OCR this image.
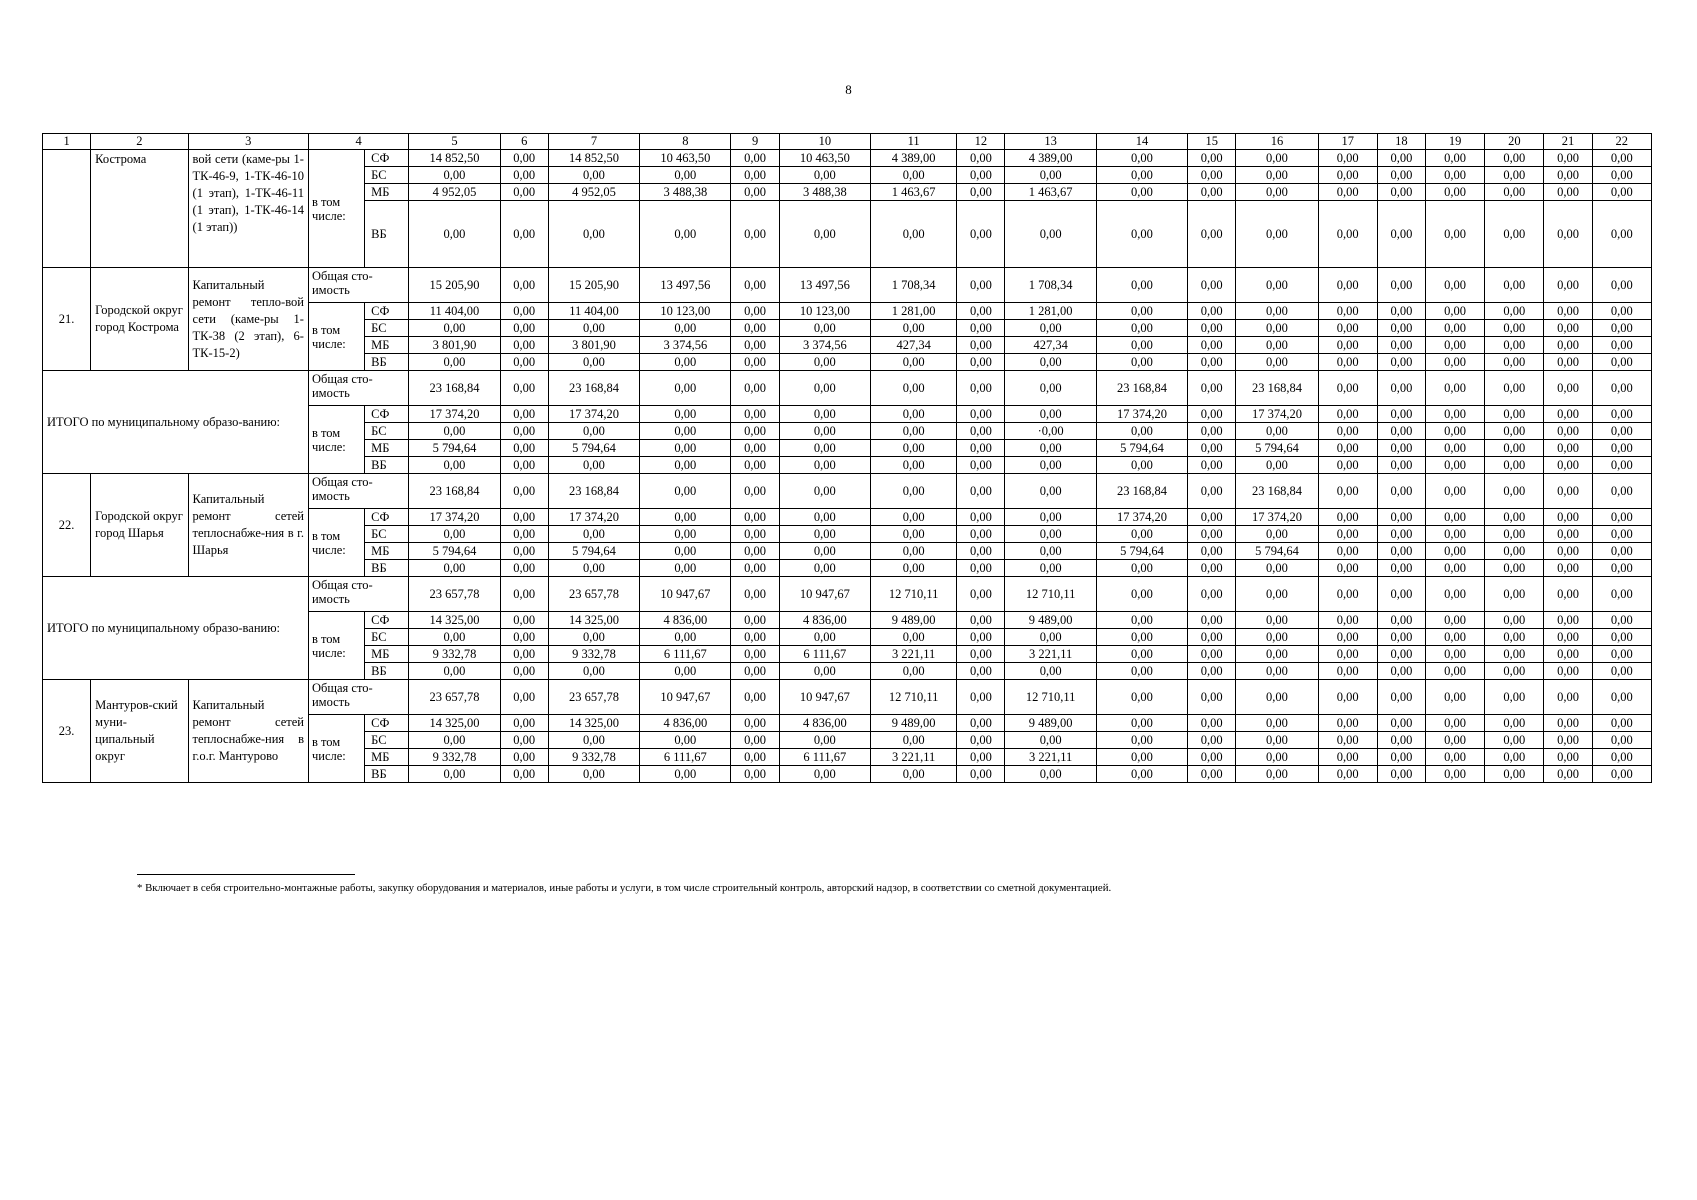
8
1	2	3	4		5	6	7	8	9	10	11	12	13	14	15	16	17	18	19	20	21	22
	Кострома	вой сети (каме-ры 1-ТК-46-9, 1-ТК-46-10 (1 этап), 1-ТК-46-11 (1 этап), 1-ТК-46-14 (1 этап))	в том числе:	СФ	14 852,50	0,00	14 852,50	10 463,50	0,00	10 463,50	4 389,00	0,00	4 389,00	0,00	0,00	0,00	0,00	0,00	0,00	0,00	0,00	0,00
				БС	0,00	0,00	0,00	0,00	0,00	0,00	0,00	0,00	0,00	0,00	0,00	0,00	0,00	0,00	0,00	0,00	0,00	0,00
				МБ	4 952,05	0,00	4 952,05	3 488,38	0,00	3 488,38	1 463,67	0,00	1 463,67	0,00	0,00	0,00	0,00	0,00	0,00	0,00	0,00	0,00
				ВБ	0,00	0,00	0,00	0,00	0,00	0,00	0,00	0,00	0,00	0,00	0,00	0,00	0,00	0,00	0,00	0,00	0,00	0,00
21.	Городской округ город Кострома	Капитальный ремонт тепло-вой сети (каме-ры 1-ТК-38 (2 этап), 6-ТК-15-2)	Общая сто-имость		15 205,90	0,00	15 205,90	13 497,56	0,00	13 497,56	1 708,34	0,00	1 708,34	0,00	0,00	0,00	0,00	0,00	0,00	0,00	0,00	0,00
			в том числе:	СФ	11 404,00	0,00	11 404,00	10 123,00	0,00	10 123,00	1 281,00	0,00	1 281,00	0,00	0,00	0,00	0,00	0,00	0,00	0,00	0,00	0,00
				БС	0,00	0,00	0,00	0,00	0,00	0,00	0,00	0,00	0,00	0,00	0,00	0,00	0,00	0,00	0,00	0,00	0,00	0,00
				МБ	3 801,90	0,00	3 801,90	3 374,56	0,00	3 374,56	427,34	0,00	427,34	0,00	0,00	0,00	0,00	0,00	0,00	0,00	0,00	0,00
				ВБ	0,00	0,00	0,00	0,00	0,00	0,00	0,00	0,00	0,00	0,00	0,00	0,00	0,00	0,00	0,00	0,00	0,00	0,00
ИТОГО по муниципальному образо-ванию:			Общая сто-имость		23 168,84	0,00	23 168,84	0,00	0,00	0,00	0,00	0,00	0,00	23 168,84	0,00	23 168,84	0,00	0,00	0,00	0,00	0,00	0,00
			в том числе:	СФ	17 374,20	0,00	17 374,20	0,00	0,00	0,00	0,00	0,00	0,00	17 374,20	0,00	17 374,20	0,00	0,00	0,00	0,00	0,00	0,00
				БС	0,00	0,00	0,00	0,00	0,00	0,00	0,00	0,00	·0,00	0,00	0,00	0,00	0,00	0,00	0,00	0,00	0,00	0,00
				МБ	5 794,64	0,00	5 794,64	0,00	0,00	0,00	0,00	0,00	0,00	5 794,64	0,00	5 794,64	0,00	0,00	0,00	0,00	0,00	0,00
				ВБ	0,00	0,00	0,00	0,00	0,00	0,00	0,00	0,00	0,00	0,00	0,00	0,00	0,00	0,00	0,00	0,00	0,00	0,00
22.	Городской округ город Шарья	Капитальный ремонт сетей теплоснабже-ния в г. Шарья	Общая сто-имость		23 168,84	0,00	23 168,84	0,00	0,00	0,00	0,00	0,00	0,00	23 168,84	0,00	23 168,84	0,00	0,00	0,00	0,00	0,00	0,00
			в том числе:	СФ	17 374,20	0,00	17 374,20	0,00	0,00	0,00	0,00	0,00	0,00	17 374,20	0,00	17 374,20	0,00	0,00	0,00	0,00	0,00	0,00
				БС	0,00	0,00	0,00	0,00	0,00	0,00	0,00	0,00	0,00	0,00	0,00	0,00	0,00	0,00	0,00	0,00	0,00	0,00
				МБ	5 794,64	0,00	5 794,64	0,00	0,00	0,00	0,00	0,00	0,00	5 794,64	0,00	5 794,64	0,00	0,00	0,00	0,00	0,00	0,00
				ВБ	0,00	0,00	0,00	0,00	0,00	0,00	0,00	0,00	0,00	0,00	0,00	0,00	0,00	0,00	0,00	0,00	0,00	0,00
ИТОГО по муниципальному образо-ванию:			Общая сто-имость		23 657,78	0,00	23 657,78	10 947,67	0,00	10 947,67	12 710,11	0,00	12 710,11	0,00	0,00	0,00	0,00	0,00	0,00	0,00	0,00	0,00
			в том числе:	СФ	14 325,00	0,00	14 325,00	4 836,00	0,00	4 836,00	9 489,00	0,00	9 489,00	0,00	0,00	0,00	0,00	0,00	0,00	0,00	0,00	0,00
				БС	0,00	0,00	0,00	0,00	0,00	0,00	0,00	0,00	0,00	0,00	0,00	0,00	0,00	0,00	0,00	0,00	0,00	0,00
				МБ	9 332,78	0,00	9 332,78	6 111,67	0,00	6 111,67	3 221,11	0,00	3 221,11	0,00	0,00	0,00	0,00	0,00	0,00	0,00	0,00	0,00
				ВБ	0,00	0,00	0,00	0,00	0,00	0,00	0,00	0,00	0,00	0,00	0,00	0,00	0,00	0,00	0,00	0,00	0,00	0,00
23.	Мантуров-ский муни-ципальный округ	Капитальный ремонт сетей теплоснабже-ния в г.о.г. Мантурово	Общая сто-имость		23 657,78	0,00	23 657,78	10 947,67	0,00	10 947,67	12 710,11	0,00	12 710,11	0,00	0,00	0,00	0,00	0,00	0,00	0,00	0,00	0,00
			в том числе:	СФ	14 325,00	0,00	14 325,00	4 836,00	0,00	4 836,00	9 489,00	0,00	9 489,00	0,00	0,00	0,00	0,00	0,00	0,00	0,00	0,00	0,00
				БС	0,00	0,00	0,00	0,00	0,00	0,00	0,00	0,00	0,00	0,00	0,00	0,00	0,00	0,00	0,00	0,00	0,00	0,00
				МБ	9 332,78	0,00	9 332,78	6 111,67	0,00	6 111,67	3 221,11	0,00	3 221,11	0,00	0,00	0,00	0,00	0,00	0,00	0,00	0,00	0,00
				ВБ	0,00	0,00	0,00	0,00	0,00	0,00	0,00	0,00	0,00	0,00	0,00	0,00	0,00	0,00	0,00	0,00	0,00	0,00
* Включает в себя строительно-монтажные работы, закупку оборудования и материалов, иные работы и услуги, в том числе строительный контроль, авторский надзор, в соответствии со сметной документацией.
